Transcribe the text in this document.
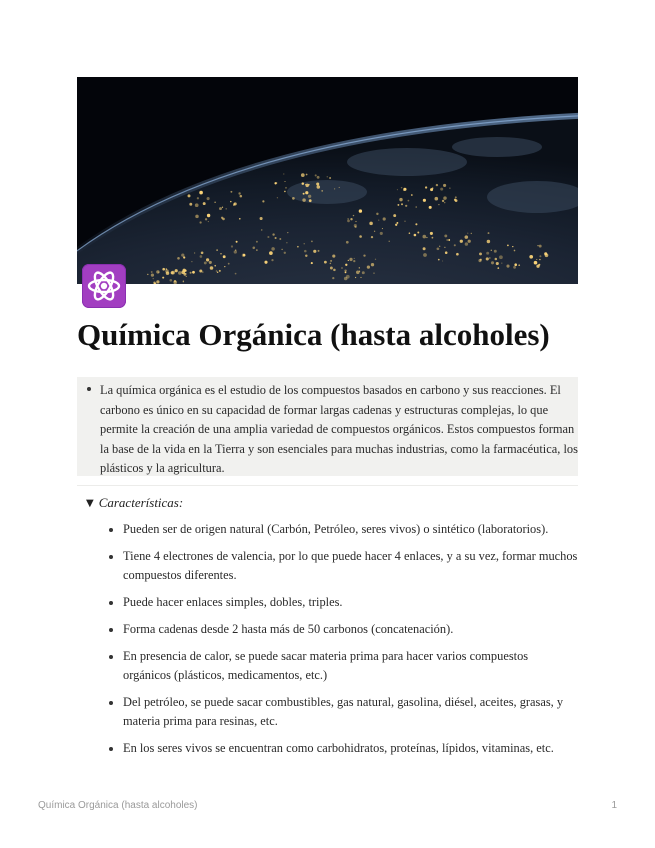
Química Orgánica (hasta alcoholes)

La química orgánica es el estudio de los compuestos basados en carbono y sus reacciones. El carbono es único en su capacidad de formar largas cadenas y estructuras complejas, lo que permite la creación de una amplia variedad de compuestos orgánicos. Estos compuestos forman la base de la vida en la Tierra y son esenciales para muchas industrias, como la farmacéutica, los plásticos y la agricultura.

▼ Características:
Pueden ser de origen natural (Carbón, Petróleo, seres vivos) o sintético (laboratorios).
Tiene 4 electrones de valencia, por lo que puede hacer 4 enlaces, y a su vez, formar muchos compuestos diferentes.
Puede hacer enlaces simples, dobles, triples.
Forma cadenas desde 2 hasta más de 50 carbonos (concatenación).
En presencia de calor, se puede sacar materia prima para hacer varios compuestos orgánicos (plásticos, medicamentos, etc.)
Del petróleo, se puede sacar combustibles, gas natural, gasolina, diésel, aceites, grasas, y materia prima para resinas, etc.
En los seres vivos se encuentran como carbohidratos, proteínas, lípidos, vitaminas, etc.
Química Orgánica (hasta alcoholes)	1
